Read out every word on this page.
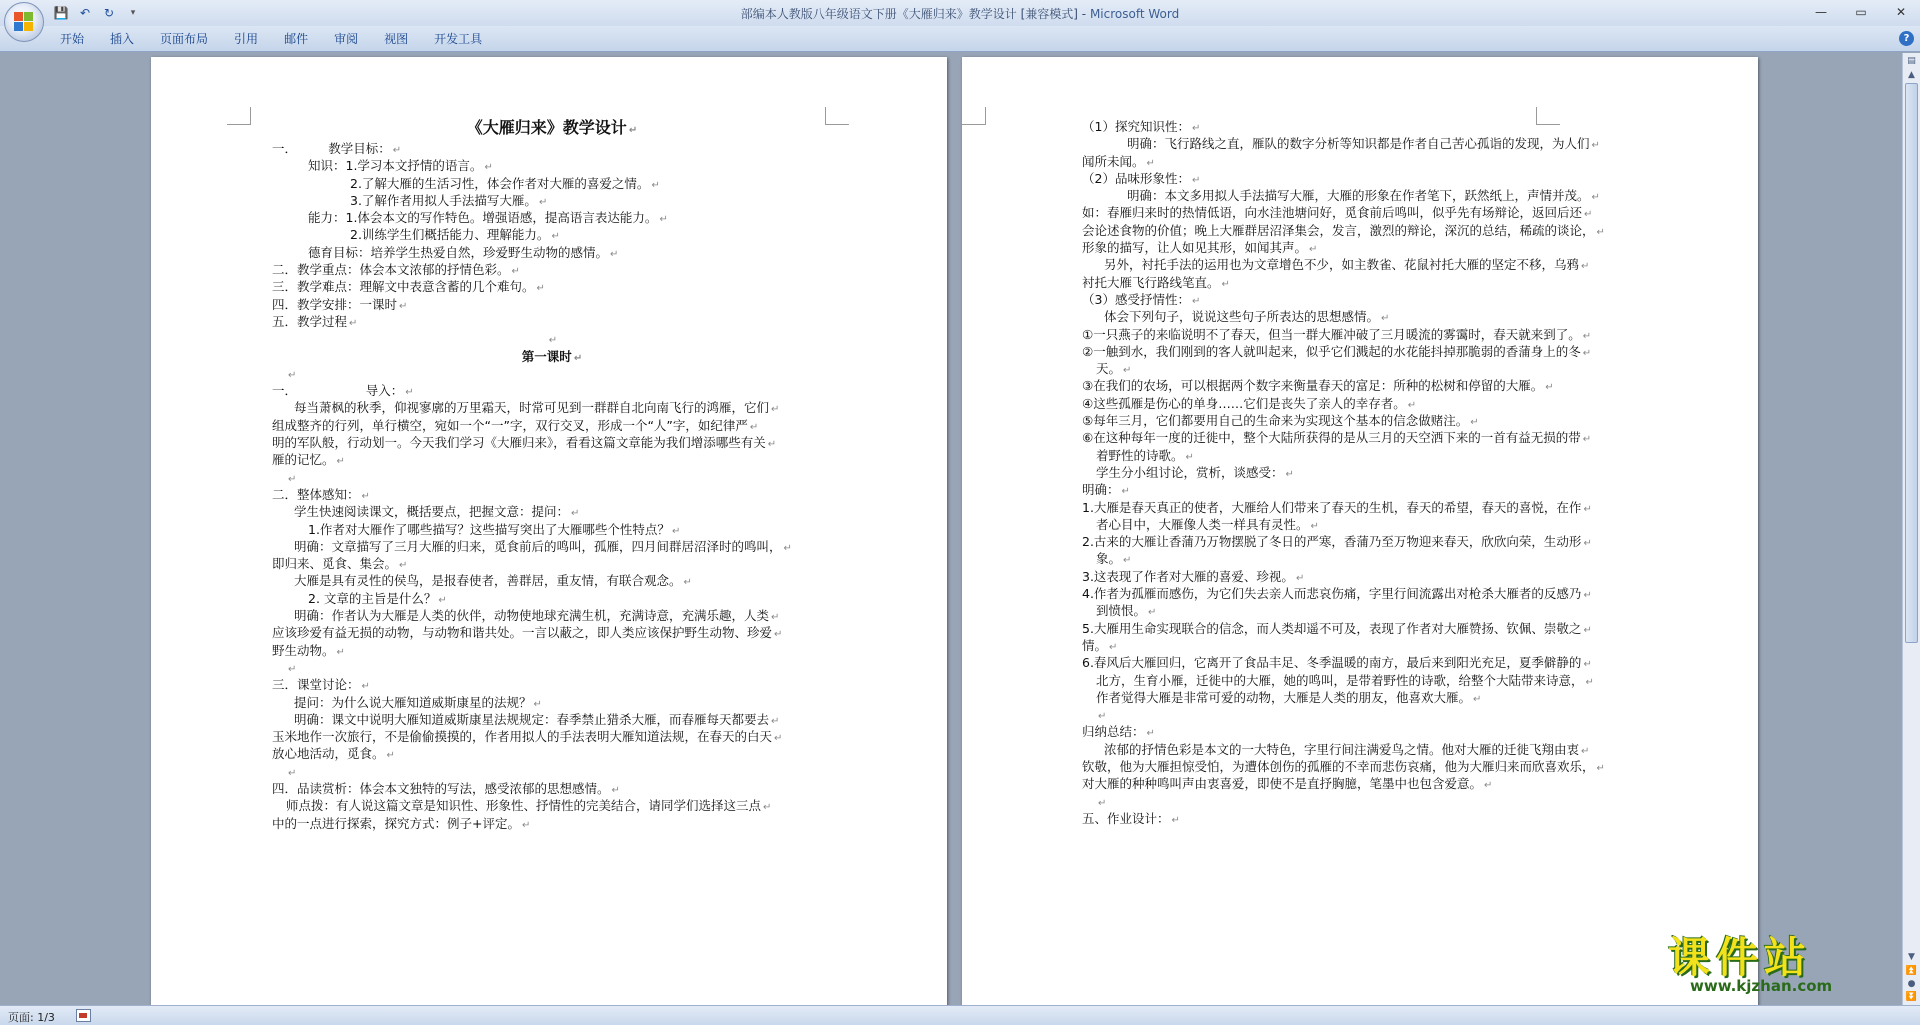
💾 ↶	↻	▾	部编本人教版八年级语文下册《大雁归来》教学设计 [兼容模式] - Microsoft Word	—	▭	✕
开始	插入	页面布局	引用	邮件	审阅	视图	开发工具	?
《大雁归来》教学设计 ↵
一．　　　教学目标： ↵
知识：1.学习本文抒情的语言。 ↵
2.了解大雁的生活习性，体会作者对大雁的喜爱之情。 ↵
3.了解作者用拟人手法描写大雁。 ↵
能力：1.体会本文的写作特色。增强语感，提高语言表达能力。 ↵
2.训练学生们概括能力、理解能力。 ↵
德育目标：培养学生热爱自然，珍爱野生动物的感情。 ↵
二．教学重点：体会本文浓郁的抒情色彩。 ↵
三．教学难点：理解文中表意含蓄的几个难句。 ↵
四．教学安排：一课时 ↵
五．教学过程 ↵
↵
第一课时 ↵
↵
一．　　　　　　导入： ↵
每当萧枫的秋季，仰视寥廓的万里霜天，时常可见到一群群自北向南飞行的鸿雁，它们 ↵
组成整齐的行列，单行横空，宛如一个“一”字，双行交叉，形成一个“人”字，如纪律严 ↵
明的军队般，行动划一。今天我们学习《大雁归来》，看看这篇文章能为我们增添哪些有关 ↵
雁的记忆。 ↵
↵
二．整体感知： ↵
学生快速阅读课文，概括要点，把握文意：提问： ↵
1.作者对大雁作了哪些描写？这些描写突出了大雁哪些个性特点？ ↵
明确：文章描写了三月大雁的归来，觅食前后的鸣叫，孤雁，四月间群居沼泽时的鸣叫， ↵
即归来、觅食、集会。 ↵
大雁是具有灵性的侯鸟，是报春使者，善群居，重友情，有联合观念。 ↵
2. 文章的主旨是什么？ ↵
明确：作者认为大雁是人类的伙伴，动物使地球充满生机，充满诗意，充满乐趣，人类 ↵
应该珍爱有益无损的动物，与动物和谐共处。一言以蔽之，即人类应该保护野生动物、珍爱 ↵
野生动物。 ↵
↵
三．课堂讨论： ↵
提问：为什么说大雁知道威斯康星的法规？ ↵
明确：课文中说明大雁知道威斯康星法规规定：春季禁止猎杀大雁，而春雁每天都要去 ↵
玉米地作一次旅行，不是偷偷摸摸的，作者用拟人的手法表明大雁知道法规，在春天的白天 ↵
放心地活动，觅食。 ↵
↵
四．品读赏析：体会本文独特的写法，感受浓郁的思想感情。 ↵
师点拨：有人说这篇文章是知识性、形象性、抒情性的完美结合，请同学们选择这三点 ↵
中的一点进行探索，探究方式：例子+评定。 ↵
（1）探究知识性： ↵
明确：飞行路线之直，雁队的数字分析等知识都是作者自己苦心孤诣的发现，为人们 ↵
闻所未闻。 ↵
（2）品味形象性： ↵
明确：本文多用拟人手法描写大雁，大雁的形象在作者笔下，跃然纸上，声情并茂。 ↵
如：春雁归来时的热情低语，向水洼池塘问好，觅食前后鸣叫，似乎先有场辩论，返回后还 ↵
会论述食物的价值；晚上大雁群居沼泽集会，发言，激烈的辩论，深沉的总结，稀疏的谈论， ↵
形象的描写，让人如见其形，如闻其声。 ↵
另外，衬托手法的运用也为文章增色不少，如主教雀、花鼠衬托大雁的坚定不移，乌鸦 ↵
衬托大雁飞行路线笔直。 ↵
（3）感受抒情性： ↵
体会下列句子，说说这些句子所表达的思想感情。 ↵
①一只燕子的来临说明不了春天，但当一群大雁冲破了三月暖流的雾霭时，春天就来到了。 ↵
②一触到水，我们刚到的客人就叫起来，似乎它们溅起的水花能抖掉那脆弱的香蒲身上的冬 ↵
天。 ↵
③在我们的农场，可以根据两个数字来衡量春天的富足：所种的松树和停留的大雁。 ↵
④这些孤雁是伤心的单身……它们是丧失了亲人的幸存者。 ↵
⑤每年三月，它们都要用自己的生命来为实现这个基本的信念做赌注。 ↵
⑥在这种每年一度的迁徙中，整个大陆所获得的是从三月的天空洒下来的一首有益无损的带 ↵
着野性的诗歌。 ↵
学生分小组讨论，赏析，谈感受： ↵
明确： ↵
1.大雁是春天真正的使者，大雁给人们带来了春天的生机，春天的希望，春天的喜悦，在作 ↵
者心目中，大雁像人类一样具有灵性。 ↵
2.古来的大雁让香蒲乃万物摆脱了冬日的严寒，香蒲乃至万物迎来春天，欣欣向荣，生动形 ↵
象。 ↵
3.这表现了作者对大雁的喜爱、珍视。 ↵
4.作者为孤雁而感伤，为它们失去亲人而悲哀伤痛，字里行间流露出对枪杀大雁者的反感乃 ↵
到愤恨。 ↵
5.大雁用生命实现联合的信念，而人类却遥不可及，表现了作者对大雁赞扬、钦佩、崇敬之 ↵
情。 ↵
6.春风后大雁回归，它离开了食品丰足、冬季温暖的南方，最后来到阳光充足，夏季僻静的 ↵
北方，生育小雁，迁徙中的大雁，她的鸣叫，是带着野性的诗歌，给整个大陆带来诗意， ↵
作者觉得大雁是非常可爱的动物，大雁是人类的朋友，他喜欢大雁。 ↵
↵
归纳总结： ↵
浓郁的抒情色彩是本文的一大特色，字里行间注满爱鸟之情。他对大雁的迁徙飞翔由衷 ↵
钦敬，他为大雁担惊受怕，为遭体创伤的孤雁的不幸而悲伤哀痛，他为大雁归来而欣喜欢乐， ↵
对大雁的种种鸣叫声由衷喜爱，即使不是直抒胸臆，笔墨中也包含爱意。 ↵
↵
五、作业设计： ↵
▤
▲
▼
⏫
●
⏬
页面: 1/3
课件站
www.kjzhan.com
